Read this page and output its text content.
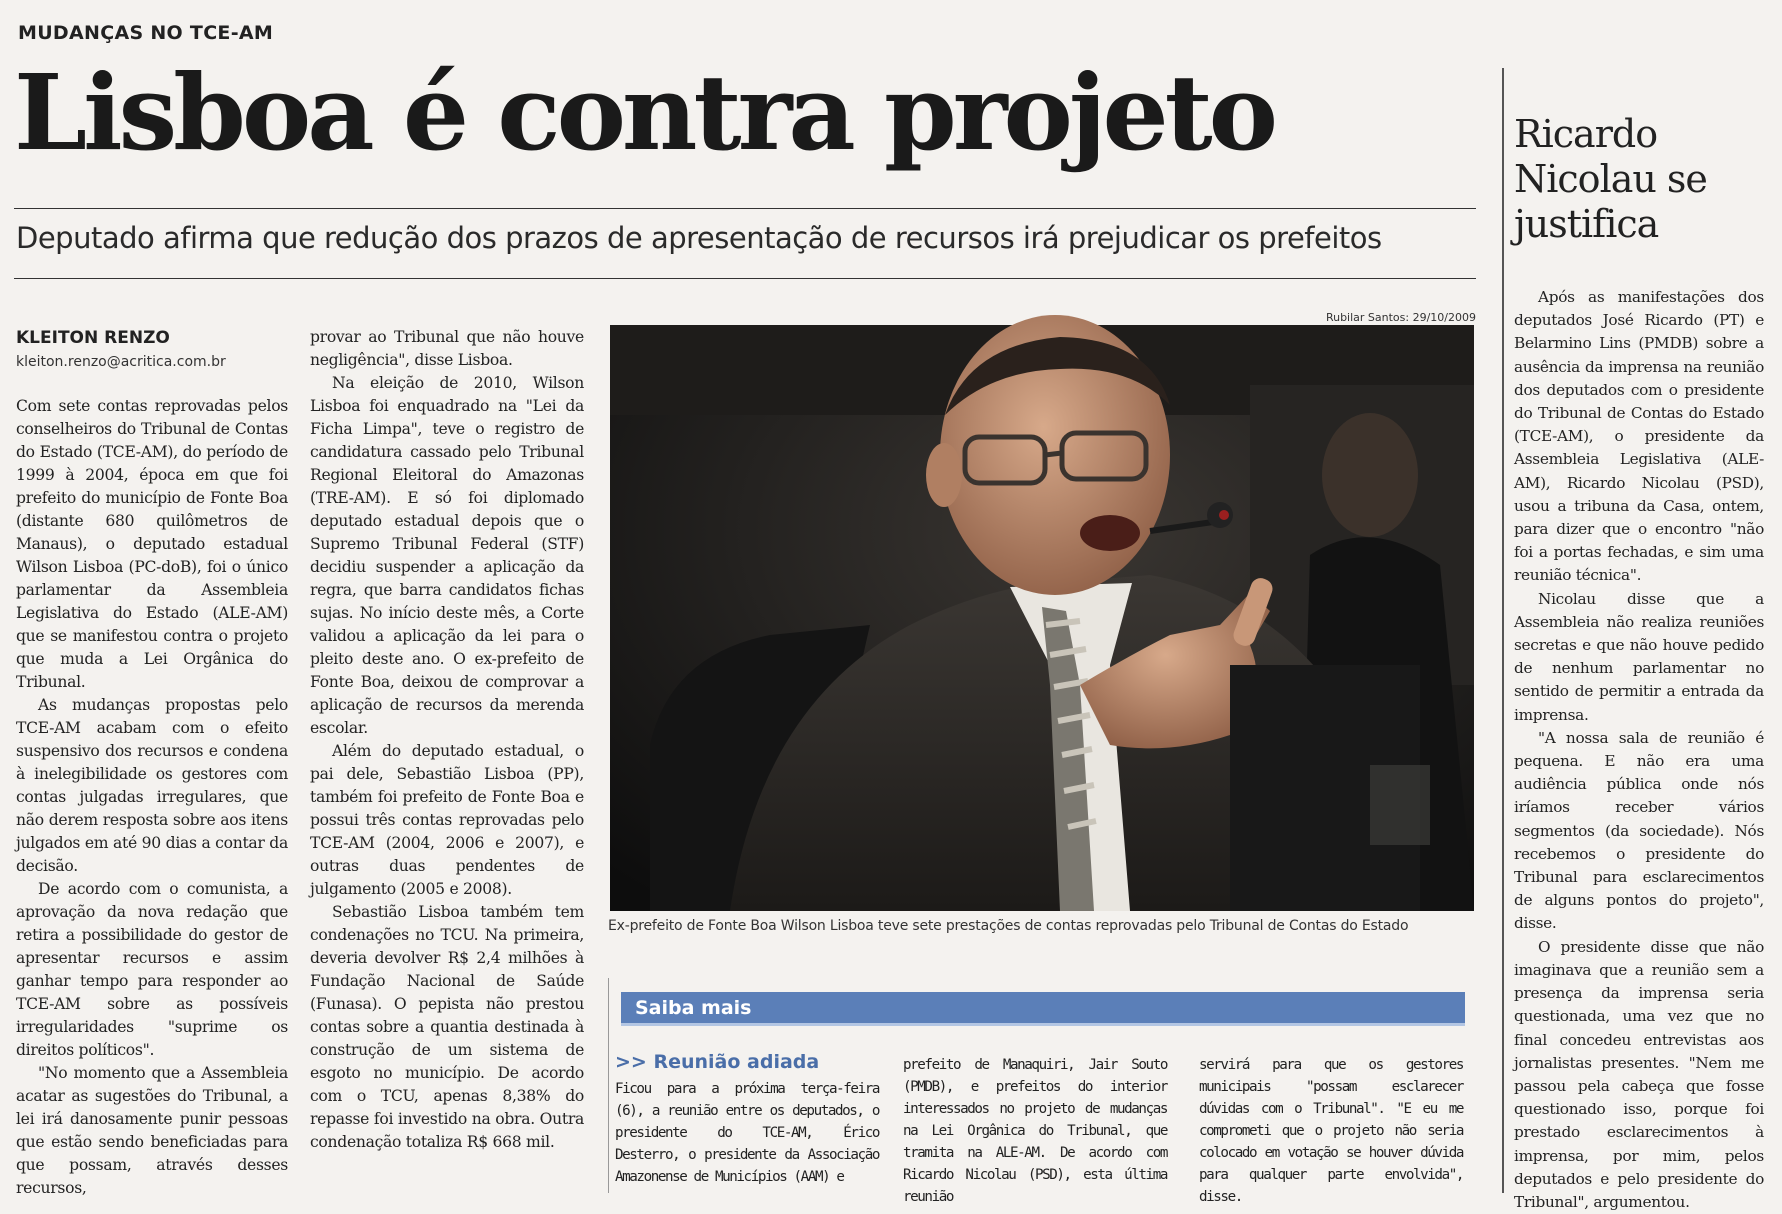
MUDANÇAS NO TCE-AM
Lisboa é contra projeto
Deputado afirma que redução dos prazos de apresentação de recursos irá prejudicar os prefeitos
KLEITON RENZO
kleiton.renzo@acritica.com.br

Com sete contas reprovadas pelos conselheiros do Tribunal de Contas do Estado (TCE-AM), do período de 1999 à 2004, época em que foi prefeito do município de Fonte Boa (distante 680 quilômetros de Manaus), o deputado estadual Wilson Lisboa (PC-doB), foi o único parlamentar da Assembleia Legislativa do Estado (ALE-AM) que se manifestou contra o projeto que muda a Lei Orgânica do Tribunal.

As mudanças propostas pelo TCE-AM acabam com o efeito suspensivo dos recursos e condena à inelegibilidade os gestores com contas julgadas irregulares, que não derem resposta sobre aos itens julgados em até 90 dias a contar da decisão.

De acordo com o comunista, a aprovação da nova redação que retira a possibilidade do gestor de apresentar recursos e assim ganhar tempo para responder ao TCE-AM sobre as possíveis irregularidades "suprime os direitos políticos".

"No momento que a Assembleia acatar as sugestões do Tribunal, a lei irá danosamente punir pessoas que estão sendo beneficiadas para que possam, através desses recursos,

provar ao Tribunal que não houve negligência", disse Lisboa.

Na eleição de 2010, Wilson Lisboa foi enquadrado na "Lei da Ficha Limpa", teve o registro de candidatura cassado pelo Tribunal Regional Eleitoral do Amazonas (TRE-AM). E só foi diplomado deputado estadual depois que o Supremo Tribunal Federal (STF) decidiu suspender a aplicação da regra, que barra candidatos fichas sujas. No início deste mês, a Corte validou a aplicação da lei para o pleito deste ano. O ex-prefeito de Fonte Boa, deixou de comprovar a aplicação de recursos da merenda escolar.

Além do deputado estadual, o pai dele, Sebastião Lisboa (PP), também foi prefeito de Fonte Boa e possui três contas reprovadas pelo TCE-AM (2004, 2006 e 2007), e outras duas pendentes de julgamento (2005 e 2008).

Sebastião Lisboa também tem condenações no TCU. Na primeira, deveria devolver R$ 2,4 milhões à Fundação Nacional de Saúde (Funasa). O pepista não prestou contas sobre a quantia destinada à construção de um sistema de esgoto no município. De acordo com o TCU, apenas 8,38% do repasse foi investido na obra. Outra condenação totaliza R$ 668 mil.

Rubilar Santos: 29/10/2009
Ex-prefeito de Fonte Boa Wilson Lisboa teve sete prestações de contas reprovadas pelo Tribunal de Contas do Estado
Saiba mais
>> Reunião adiada
Ficou para a próxima terça-feira (6), a reunião entre os deputados, o presidente do TCE-AM, Érico Desterro, o presidente da Associação Amazonense de Municípios (AAM) e
prefeito de Manaquiri, Jair Souto (PMDB), e prefeitos do interior interessados no projeto de mudanças na Lei Orgânica do Tribunal, que tramita na ALE-AM. De acordo com Ricardo Nicolau (PSD), esta última reunião
servirá para que os gestores municipais "possam esclarecer dúvidas com o Tribunal". "E eu me comprometi que o projeto não seria colocado em votação se houver dúvida para qualquer parte envolvida", disse.
Ricardo Nicolau se justifica

Após as manifestações dos deputados José Ricardo (PT) e Belarmino Lins (PMDB) sobre a ausência da imprensa na reunião dos deputados com o presidente do Tribunal de Contas do Estado (TCE-AM), o presidente da Assembleia Legislativa (ALE-AM), Ricardo Nicolau (PSD), usou a tribuna da Casa, ontem, para dizer que o encontro "não foi a portas fechadas, e sim uma reunião técnica".

Nicolau disse que a Assembleia não realiza reuniões secretas e que não houve pedido de nenhum parlamentar no sentido de permitir a entrada da imprensa.

"A nossa sala de reunião é pequena. E não era uma audiência pública onde nós iríamos receber vários segmentos (da sociedade). Nós recebemos o presidente do Tribunal para esclarecimentos de alguns pontos do projeto", disse.

O presidente disse que não imaginava que a reunião sem a presença da imprensa seria questionada, uma vez que no final concedeu entrevistas aos jornalistas presentes. "Nem me passou pela cabeça que fosse questionado isso, porque foi prestado esclarecimentos à imprensa, por mim, pelos deputados e pelo presidente do Tribunal", argumentou.
